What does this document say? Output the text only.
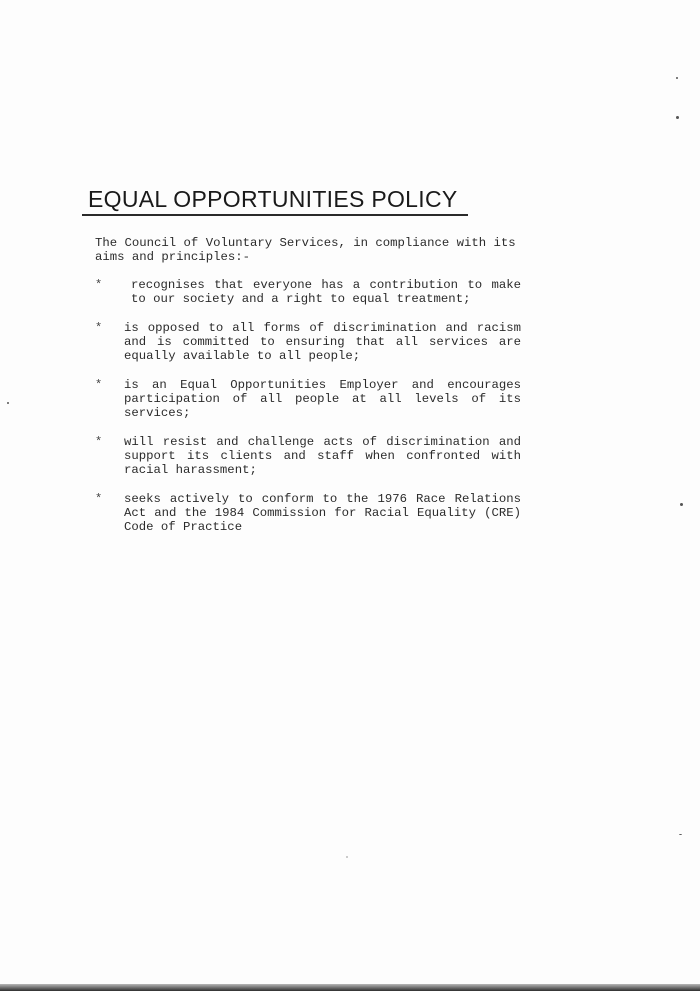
EQUAL OPPORTUNITIES POLICY

The Council of Voluntary Services, in compliance with its aims and principles:-

*	recognises that everyone has a contribution to make to our society and a right to equal treatment;

*	is opposed to all forms of discrimination and racism and is committed to ensuring that all services are equally available to all people;

*	is an Equal Opportunities Employer and encourages participation of all people at all levels of its services;

*	will resist and challenge acts of discrimination and support its clients and staff when confronted with racial harassment;

*	seeks actively to conform to the 1976 Race Relations Act and the 1984 Commission for Racial Equality (CRE) Code of Practice
